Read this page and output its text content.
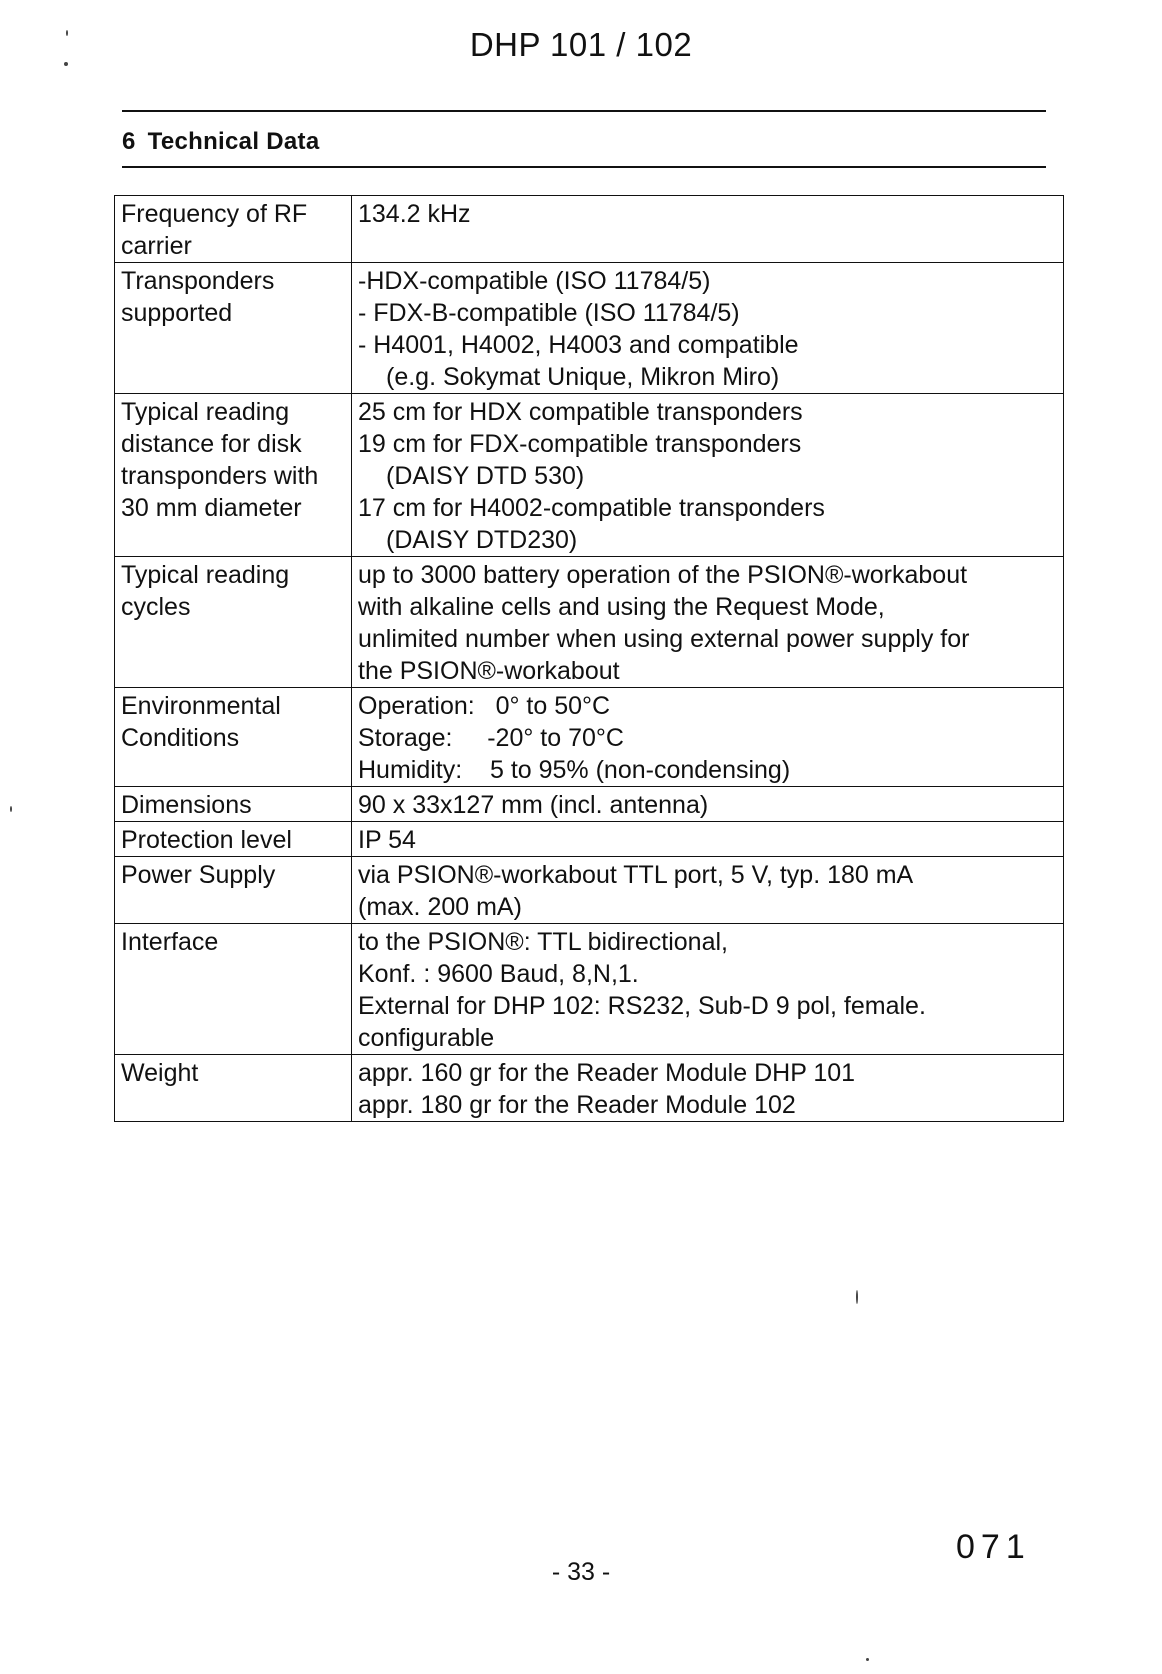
DHP 101 / 102
6 Technical Data
Frequency of RF
carrier	134.2 kHz

Transponders
supported	-HDX-compatible (ISO 11784/5)
- FDX-B-compatible (ISO 11784/5)
- H4001, H4002, H4003 and compatible
(e.g. Sokymat Unique, Mikron Miro)

Typical reading
distance for disk
transponders with
30 mm diameter	25 cm for HDX compatible transponders
19 cm for FDX-compatible transponders
(DAISY DTD 530)
17 cm for H4002-compatible transponders
(DAISY DTD230)

Typical reading
cycles	up to 3000 battery operation of the PSION®-workabout
with alkaline cells and using the Request Mode,
unlimited number when using external power supply for
the PSION®-workabout

Environmental
Conditions	Operation:   0° to 50°C
Storage:     -20° to 70°C
Humidity:    5 to 95% (non-condensing)

Dimensions	90 x 33x127 mm (incl. antenna)

Protection level	IP 54

Power Supply	via PSION®-workabout TTL port, 5 V, typ. 180 mA
(max. 200 mA)

Interface	to the PSION®: TTL bidirectional,
Konf. : 9600 Baud, 8,N,1.
External for DHP 102: RS232, Sub-D 9 pol, female.
configurable

Weight	appr. 160 gr for the Reader Module DHP 101
appr. 180 gr for the Reader Module 102
- 33 -
071
